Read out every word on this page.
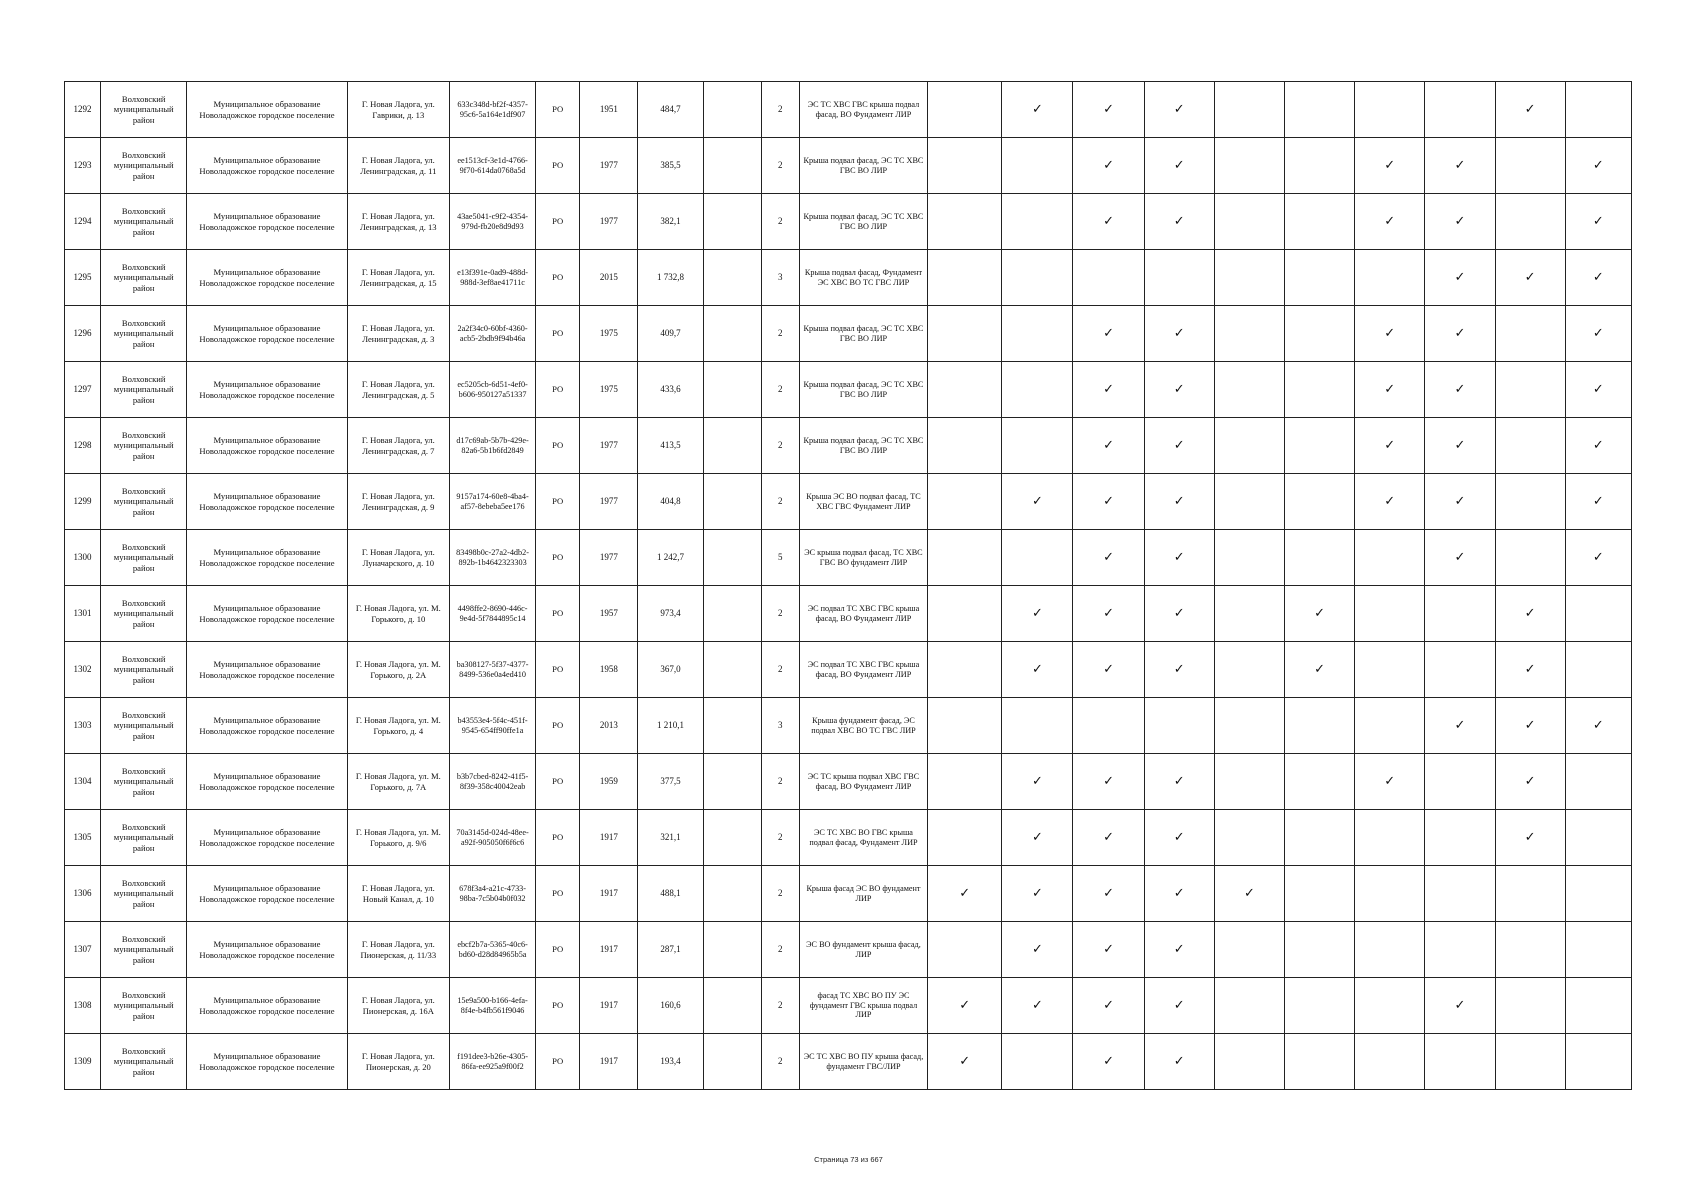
1292	Волховский муниципальный район	Муниципальное образование Новоладожское городское поселение	Г. Новая Ладога, ул. Гаврики, д. 13	633c348d-bf2f-4357-95c6-5a164e1df907	РО	1951	484,7		2	ЭС ТС ХВС ГВС крыша подвал фасад, ВО Фундамент ЛИР		✓	✓	✓					✓	
1293	Волховский муниципальный район	Муниципальное образование Новоладожское городское поселение	Г. Новая Ладога, ул. Ленинградская, д. 11	ee1513cf-3e1d-4766-9f70-614da0768a5d	РО	1977	385,5		2	Крыша подвал фасад, ЭС ТС ХВС ГВС ВО ЛИР			✓	✓			✓	✓		✓
1294	Волховский муниципальный район	Муниципальное образование Новоладожское городское поселение	Г. Новая Ладога, ул. Ленинградская, д. 13	43ae5041-c9f2-4354-979d-fb20e8d9d93	РО	1977	382,1		2	Крыша подвал фасад, ЭС ТС ХВС ГВС ВО ЛИР			✓	✓			✓	✓		✓
1295	Волховский муниципальный район	Муниципальное образование Новоладожское городское поселение	Г. Новая Ладога, ул. Ленинградская, д. 15	e13f391e-0ad9-488d-988d-3ef8ae41711c	РО	2015	1 732,8		3	Крыша подвал фасад, Фундамент ЭС ХВС ВО ТС ГВС ЛИР								✓	✓	✓
1296	Волховский муниципальный район	Муниципальное образование Новоладожское городское поселение	Г. Новая Ладога, ул. Ленинградская, д. 3	2a2f34c0-60bf-4360-acb5-2bdb9f94b46a	РО	1975	409,7		2	Крыша подвал фасад, ЭС ТС ХВС ГВС ВО ЛИР			✓	✓			✓	✓		✓
1297	Волховский муниципальный район	Муниципальное образование Новоладожское городское поселение	Г. Новая Ладога, ул. Ленинградская, д. 5	ec5205cb-6d51-4ef0-b606-950127a51337	РО	1975	433,6		2	Крыша подвал фасад, ЭС ТС ХВС ГВС ВО ЛИР			✓	✓			✓	✓		✓
1298	Волховский муниципальный район	Муниципальное образование Новоладожское городское поселение	Г. Новая Ладога, ул. Ленинградская, д. 7	d17c69ab-5b7b-429e-82a6-5b1b6fd2849	РО	1977	413,5		2	Крыша подвал фасад, ЭС ТС ХВС ГВС ВО ЛИР			✓	✓			✓	✓		✓
1299	Волховский муниципальный район	Муниципальное образование Новоладожское городское поселение	Г. Новая Ладога, ул. Ленинградская, д. 9	9157a174-60e8-4ba4-af57-8ebeba5ee176	РО	1977	404,8		2	Крыша ЭС ВО подвал фасад, ТС ХВС ГВС Фундамент ЛИР		✓	✓	✓			✓	✓		✓
1300	Волховский муниципальный район	Муниципальное образование Новоладожское городское поселение	Г. Новая Ладога, ул. Луначарского, д. 10	83498b0c-27a2-4db2-892b-1b4642323303	РО	1977	1 242,7		5	ЭС крыша подвал фасад, ТС ХВС ГВС ВО фундамент ЛИР			✓	✓				✓		✓
1301	Волховский муниципальный район	Муниципальное образование Новоладожское городское поселение	Г. Новая Ладога, ул. М. Горького, д. 10	4498ffe2-8690-446c-9e4d-5f7844895c14	РО	1957	973,4		2	ЭС подвал ТС ХВС ГВС крыша фасад, ВО Фундамент ЛИР		✓	✓	✓		✓			✓	
1302	Волховский муниципальный район	Муниципальное образование Новоладожское городское поселение	Г. Новая Ладога, ул. М. Горького, д. 2А	ba308127-5f37-4377-8499-536e0a4ed410	РО	1958	367,0		2	ЭС подвал ТС ХВС ГВС крыша фасад, ВО Фундамент ЛИР		✓	✓	✓		✓			✓	
1303	Волховский муниципальный район	Муниципальное образование Новоладожское городское поселение	Г. Новая Ладога, ул. М. Горького, д. 4	b43553e4-5f4c-451f-9545-654ff90ffe1a	РО	2013	1 210,1		3	Крыша фундамент фасад, ЭС подвал ХВС ВО ТС ГВС ЛИР								✓	✓	✓
1304	Волховский муниципальный район	Муниципальное образование Новоладожское городское поселение	Г. Новая Ладога, ул. М. Горького, д. 7А	b3b7cbed-8242-41f5-8f39-358c40042eab	РО	1959	377,5		2	ЭС ТС крыша подвал ХВС ГВС фасад, ВО Фундамент ЛИР		✓	✓	✓			✓		✓	
1305	Волховский муниципальный район	Муниципальное образование Новоладожское городское поселение	Г. Новая Ладога, ул. М. Горького, д. 9/6	70a3145d-024d-48ee-a92f-905050f6f6c6	РО	1917	321,1		2	ЭС ТС ХВС ВО ГВС крыша подвал фасад, Фундамент ЛИР		✓	✓	✓					✓	
1306	Волховский муниципальный район	Муниципальное образование Новоладожское городское поселение	Г. Новая Ладога, ул. Новый Канал, д. 10	678f3a4-a21c-4733-98ba-7c5b04b0f032	РО	1917	488,1		2	Крыша фасад ЭС ВО фундамент ЛИР	✓	✓	✓	✓	✓					
1307	Волховский муниципальный район	Муниципальное образование Новоладожское городское поселение	Г. Новая Ладога, ул. Пионерская, д. 11/33	ebcf2b7a-5365-40c6-bd60-d28d84965b5a	РО	1917	287,1		2	ЭС ВО фундамент крыша фасад, ЛИР		✓	✓	✓						
1308	Волховский муниципальный район	Муниципальное образование Новоладожское городское поселение	Г. Новая Ладога, ул. Пионерская, д. 16А	15e9a500-b166-4efa-8f4e-b4fb561f9046	РО	1917	160,6		2	фасад ТС ХВС ВО ПУ ЭС фундамент ГВС крыша подвал ЛИР	✓	✓	✓	✓				✓		
1309	Волховский муниципальный район	Муниципальное образование Новоладожское городское поселение	Г. Новая Ладога, ул. Пионерская, д. 20	f191dee3-b26e-4305-86fa-ee925a9f00f2	РО	1917	193,4		2	ЭС ТС ХВС ВО ПУ крыша фасад, фундамент ГВС/ЛИР	✓		✓	✓						
Страница 73 из 667
